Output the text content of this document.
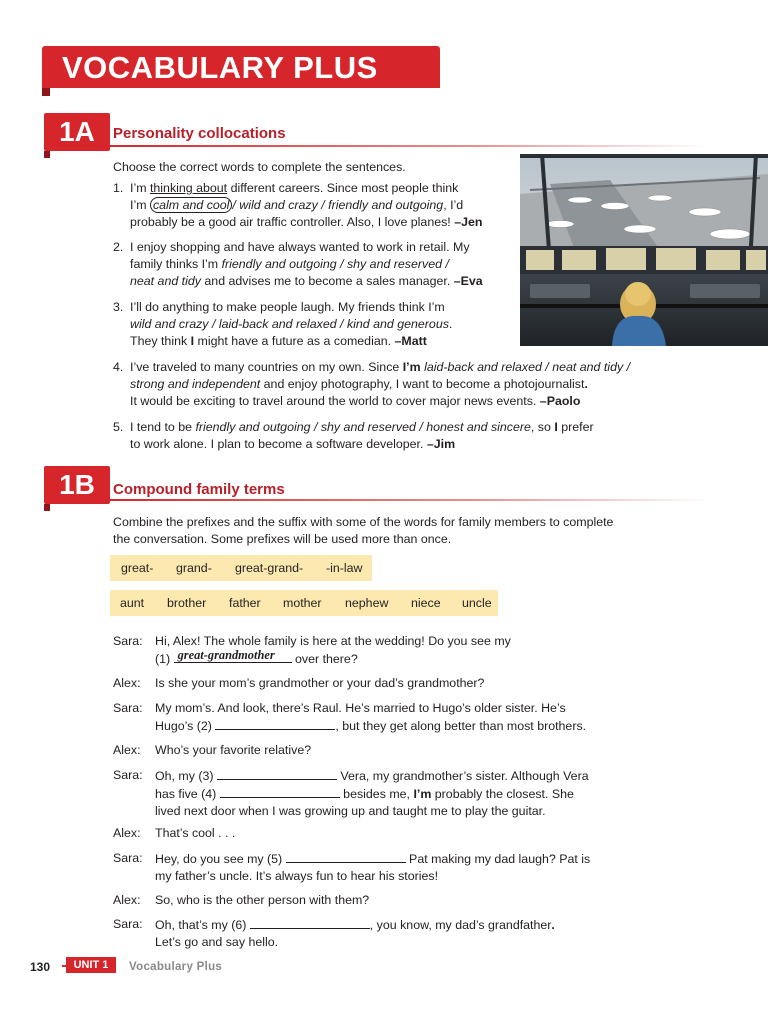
VOCABULARY PLUS
1A	Personality collocations
Choose the correct words to complete the sentences.
1. I’m thinking about different careers. Since most people think
I’m calm and cool / wild and crazy / friendly and outgoing, I’d
probably be a good air traffic controller. Also, I love planes! –Jen
2. I enjoy shopping and have always wanted to work in retail. My
family thinks I’m friendly and outgoing / shy and reserved /
neat and tidy and advises me to become a sales manager. –Eva
3. I’ll do anything to make people laugh. My friends think I’m
wild and crazy / laid-back and relaxed / kind and generous.
They think I might have a future as a comedian. –Matt
4. I’ve traveled to many countries on my own. Since I’m laid-back and relaxed / neat and tidy /
strong and independent and enjoy photography, I want to become a photojournalist.
It would be exciting to travel around the world to cover major news events. –Paolo
5. I tend to be friendly and outgoing / shy and reserved / honest and sincere, so I prefer
to work alone. I plan to become a software developer. –Jim
1B	Compound family terms
Combine the prefixes and the suffix with some of the words for family members to complete
the conversation. Some prefixes will be used more than once.
great- grand- great-grand- -in-law
aunt brother father mother nephew niece uncle
Sara: Hi, Alex! The whole family is here at the wedding! Do you see my
(1) great-grandmother over there?
Alex: Is she your mom’s grandmother or your dad’s grandmother?
Sara: My mom’s. And look, there’s Raul. He’s married to Hugo’s older sister. He’s
Hugo’s (2)	, but they get along better than most brothers.
Alex: Who’s your favorite relative?
Sara: Oh, my (3)	Vera, my grandmother’s sister. Although Vera
has five (4)	besides me, I’m probably the closest. She
lived next door when I was growing up and taught me to play the guitar.
Alex: That’s cool . . .
Sara: Hey, do you see my (5)	Pat making my dad laugh? Pat is
my father’s uncle. It’s always fun to hear his stories!
Alex: So, who is the other person with them?
Sara: Oh, that’s my (6)	, you know, my dad’s grandfather.
Let’s go and say hello.
130	UNIT 1	Vocabulary Plus
